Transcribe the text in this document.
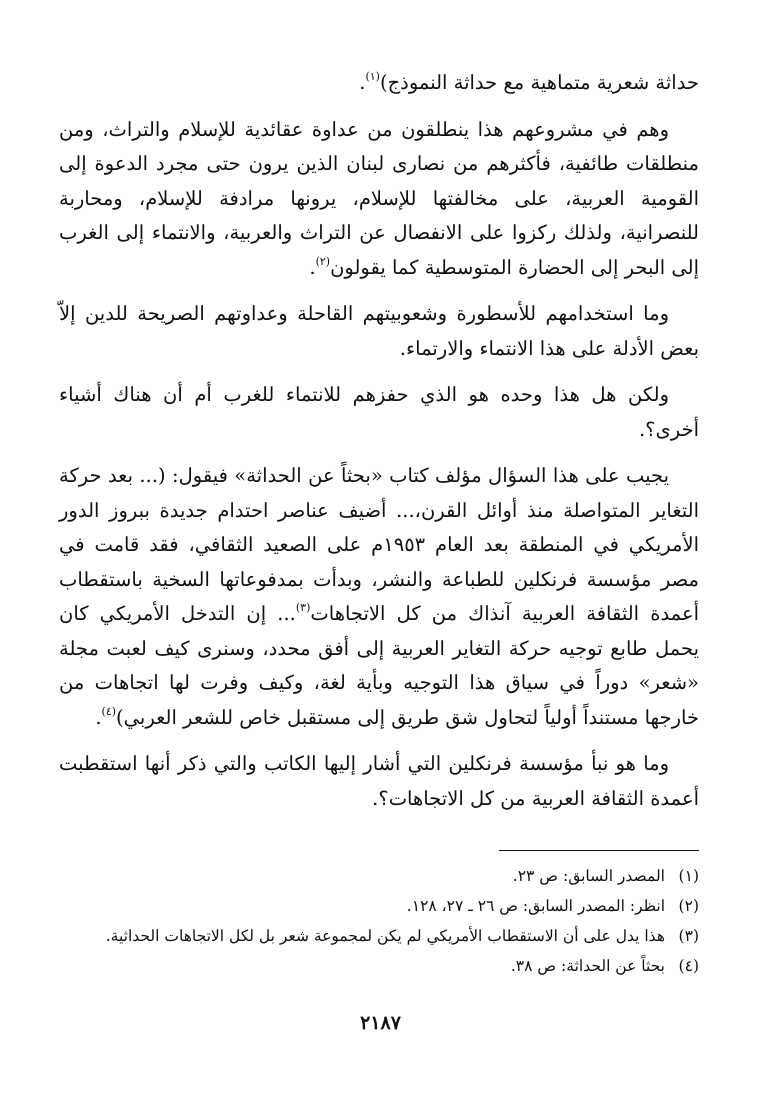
حداثة شعرية متماهية مع حداثة النموذج)$^{(١)}$.

وهم في مشروعهم هذا ينطلقون من عداوة عقائدية للإسلام والتراث، ومن منطلقات طائفية، فأكثرهم من نصارى لبنان الذين يرون حتى مجرد الدعوة إلى القومية العربية، على مخالفتها للإسلام، يرونها مرادفة للإسلام، ومحاربة للنصرانية، ولذلك ركزوا على الانفصال عن التراث والعربية، والانتماء إلى الغرب إلى البحر إلى الحضارة المتوسطية كما يقولون$^{(٢)}$.

وما استخدامهم للأسطورة وشعوبيتهم القاحلة وعداوتهم الصريحة للدين إلاّ بعض الأدلة على هذا الانتماء والارتماء.

ولكن هل هذا وحده هو الذي حفزهم للانتماء للغرب أم أن هناك أشياء أخرى؟.

يجيب على هذا السؤال مؤلف كتاب «بحثاً عن الحداثة» فيقول: (... بعد حركة التغاير المتواصلة منذ أوائل القرن،... أضيف عناصر احتدام جديدة ببروز الدور الأمريكي في المنطقة بعد العام ١٩٥٣م على الصعيد الثقافي، فقد قامت في مصر مؤسسة فرنكلين للطباعة والنشر، وبدأت بمدفوعاتها السخية باستقطاب أعمدة الثقافة العربية آنذاك من كل الاتجاهات$^{(٣)}$... إن التدخل الأمريكي كان يحمل طابع توجيه حركة التغاير العربية إلى أفق محدد، وسنرى كيف لعبت مجلة «شعر» دوراً في سياق هذا التوجيه وبأية لغة، وكيف وفرت لها اتجاهات من خارجها مستنداً أولياً لتحاول شق طريق إلى مستقبل خاص للشعر العربي)$^{(٤)}$.

وما هو نبأ مؤسسة فرنكلين التي أشار إليها الكاتب والتي ذكر أنها استقطبت أعمدة الثقافة العربية من كل الاتجاهات؟.

(١)
المصدر السابق: ص ٢٣.
(٢)
انظر: المصدر السابق: ص ٢٦ ـ ٢٧، ١٢٨.
(٣)
هذا يدل على أن الاستقطاب الأمريكي لم يكن لمجموعة شعر بل لكل الاتجاهات الحداثية.
(٤)
بحثاً عن الحداثة: ص ٣٨.
٢١٨٧
